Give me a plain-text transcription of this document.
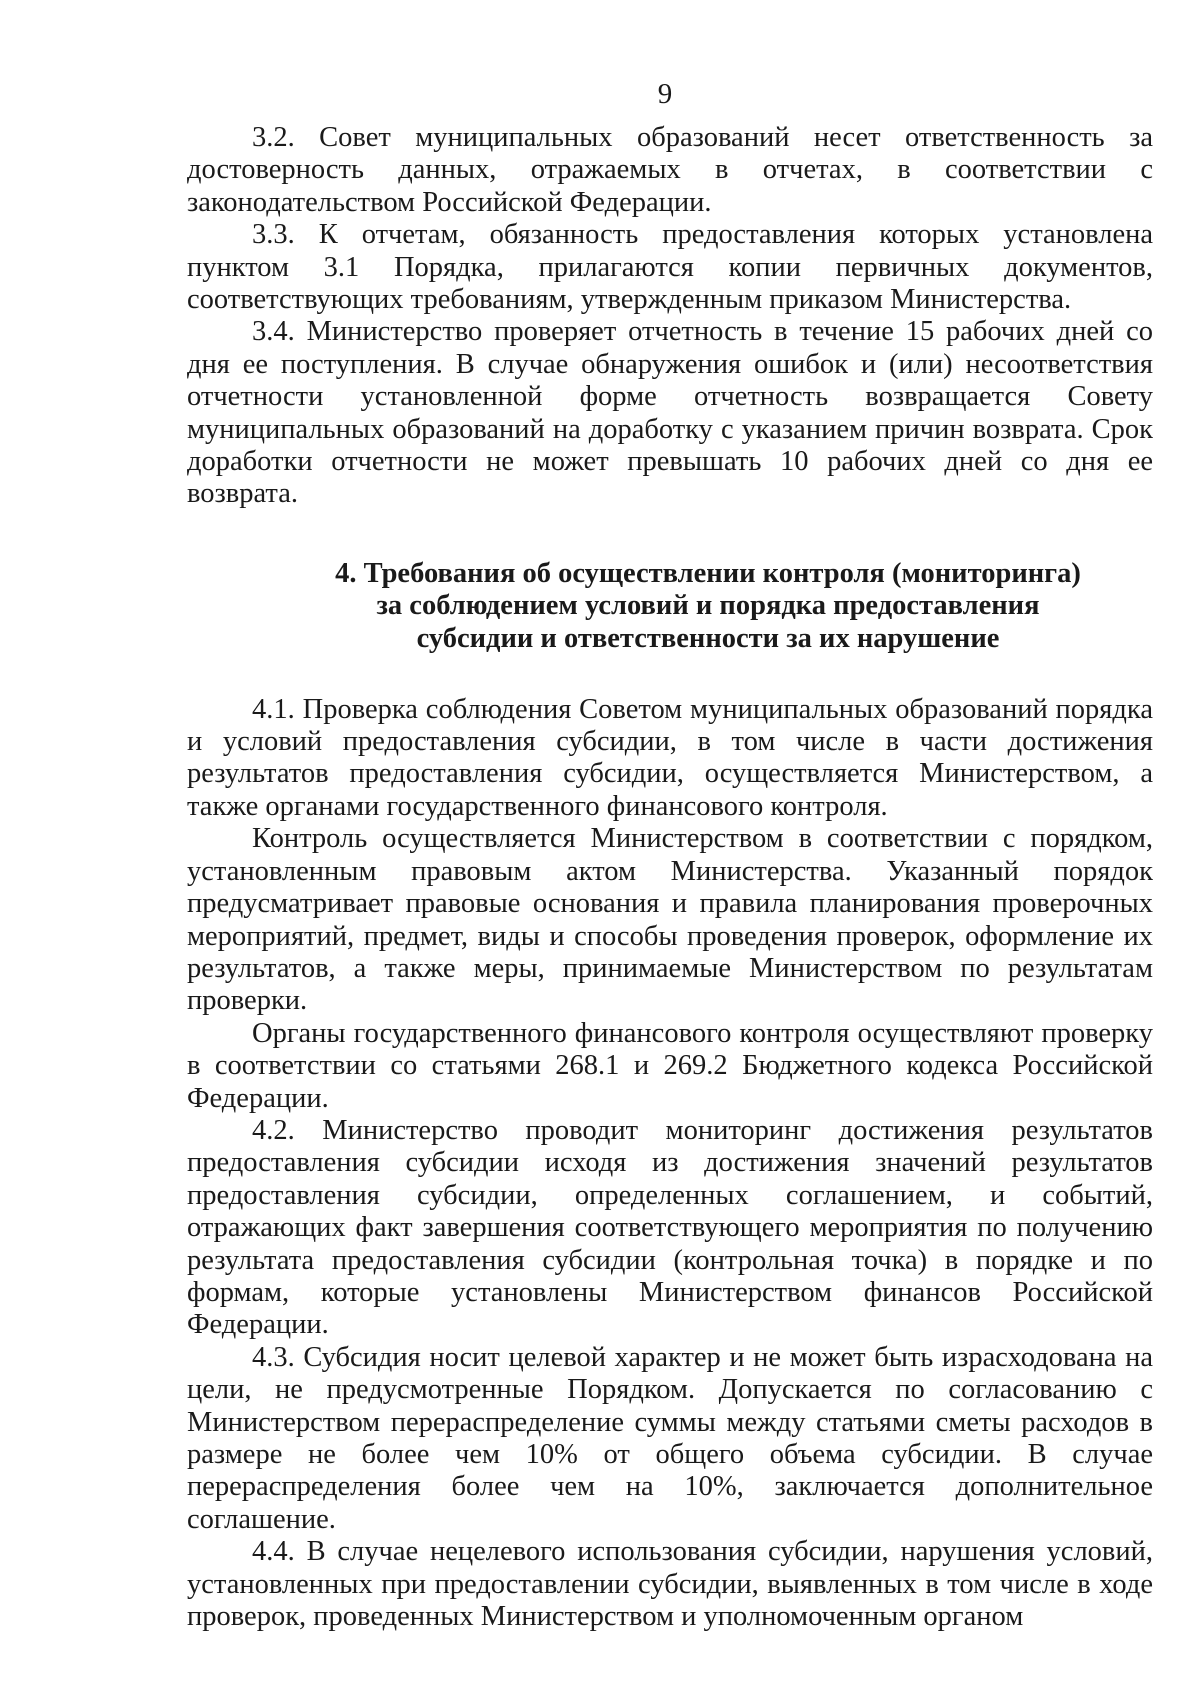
9

3.2. Совет муниципальных образований несет ответственность за достоверность данных, отражаемых в отчетах, в соответствии с законодательством Российской Федерации.

3.3. К отчетам, обязанность предоставления которых установлена пунктом 3.1 Порядка, прилагаются копии первичных документов, соответствующих требованиям, утвержденным приказом Министерства.

3.4. Министерство проверяет отчетность в течение 15 рабочих дней со дня ее поступления. В случае обнаружения ошибок и (или) несоответствия отчетности установленной форме отчетность возвращается Совету муниципальных образований на доработку с указанием причин возврата. Срок доработки отчетности не может превышать 10 рабочих дней со дня ее возврата.

4. Требования об осуществлении контроля (мониторинга)
за соблюдением условий и порядка предоставления
субсидии и ответственности за их нарушение

4.1. Проверка соблюдения Советом муниципальных образований порядка и условий предоставления субсидии, в том числе в части достижения результатов предоставления субсидии, осуществляется Министерством, а также органами государственного финансового контроля.

Контроль осуществляется Министерством в соответствии с порядком, установленным правовым актом Министерства. Указанный порядок предусматривает правовые основания и правила планирования проверочных мероприятий, предмет, виды и способы проведения проверок, оформление их результатов, а также меры, принимаемые Министерством по результатам проверки.

Органы государственного финансового контроля осуществляют проверку в соответствии со статьями 268.1 и 269.2 Бюджетного кодекса Российской Федерации.

4.2. Министерство проводит мониторинг достижения результатов предоставления субсидии исходя из достижения значений результатов предоставления субсидии, определенных соглашением, и событий, отражающих факт завершения соответствующего мероприятия по получению результата предоставления субсидии (контрольная точка) в порядке и по формам, которые установлены Министерством финансов Российской Федерации.

4.3. Субсидия носит целевой характер и не может быть израсходована на цели, не предусмотренные Порядком. Допускается по согласованию с Министерством перераспределение суммы между статьями сметы расходов в размере не более чем 10% от общего объема субсидии. В случае перераспределения более чем на 10%, заключается дополнительное соглашение.

4.4. В случае нецелевого использования субсидии, нарушения условий, установленных при предоставлении субсидии, выявленных в том числе в ходе проверок, проведенных Министерством и уполномоченным органом
